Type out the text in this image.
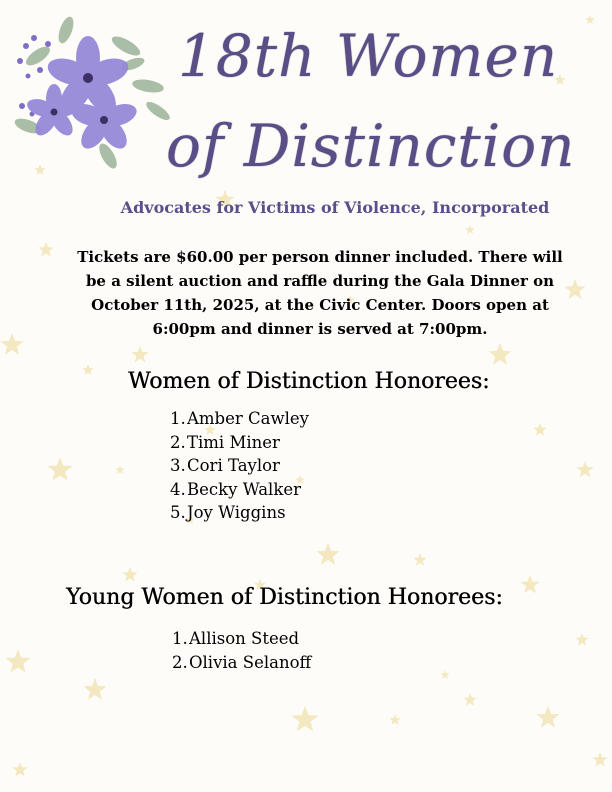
18th Women
of Distinction

Advocates for Victims of Violence, Incorporated

Tickets are $60.00 per person dinner included. There will be a silent auction and raffle during the Gala Dinner on October 11th, 2025, at the Civic Center. Doors open at 6:00pm and dinner is served at 7:00pm.

Women of Distinction Honorees:
1.Amber Cawley
2.Timi Miner
3.Cori Taylor
4.Becky Walker
5.Joy Wiggins
Young Women of Distinction Honorees:
1.Allison Steed
2.Olivia Selanoff
